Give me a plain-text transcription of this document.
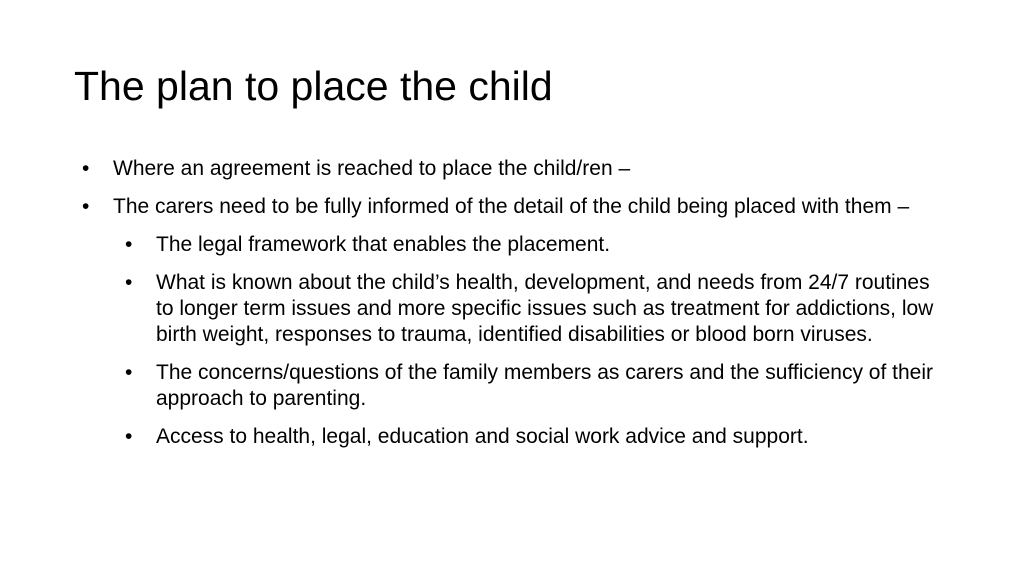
The plan to place the child
• Where an agreement is reached to place the child/ren –
• The carers need to be fully informed of the detail of the child being placed with them –
• The legal framework that enables the placement.
• What is known about the child’s health, development, and needs from 24/7 routines to longer term issues and more specific issues such as treatment for addictions, low birth weight, responses to trauma, identified disabilities or blood born viruses.
• The concerns/questions of the family members as carers and the sufficiency of their approach to parenting.
• Access to health, legal, education and social work advice and support.
